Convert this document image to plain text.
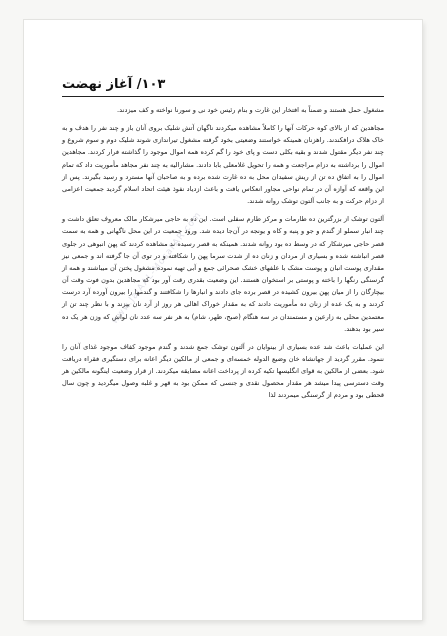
آغاز نهضت / ۱۰۳

مشغول حمل هستند و ضمناً به افتخار این غارت و بنام رئیس خود نی و سورنا نواخته و کف میزدند.

مجاهدین که از بالای کوه حرکات آنها را کاملاً مشاهده میکردند ناگهان آتش شلیک بروی آنان باز و چند نفر را هدف و به خاک هلاک درافکندند. راهزنان همینکه خواستند وضعیتی بخود گرفته مشغول تیراندازی شوند شلیک دوم و سوم شروع و چند نفر دیگر مقتول شدند و بقیه بکلی دست و پای خود را گم کرده همه اموال موجود را گذاشته فرار کردند. مجاهدین اموال را برداشته به دزام مراجعت و همه را تحویل غلامعلی بابا دادند. مشارالیه به چند نفر مجاهد مأموریت داد که تمام اموال را به اتفاق ده تن از ریش سفیدان محل به ده غارت شده برده و به صاحبان آنها مسترد و رسید بگیرند. پس از این واقعه که آوازه آن در تمام نواحی مجاور انعکاس یافت و باعث ازدیاد نفوذ هیئت اتحاد اسلام گردید جمعیت اعزامی از دزام حرکت و به جانب آلتون توشک روانه شدند.

آلتون توشک از بزرگترین ده طارمات و مرکز طارم سفلی است. این ده به حاجی میرشکار مالک معروف تعلق داشت و چند انبار سملو از گندم و جو و پنبه و کاه و یونجه در آن‌جا دیده شد. ورود جمعیت در این محل ناگهانی و همه به سمت قصر حاجی میرشکار که در وسط ده بود روانه شدند. همینکه به قصر رسیده ند مشاهده کردند که پهن انبوهی در جلوی قصر انباشته شده و بسیاری از مردان و زنان ده از شدت سرما پهن را شکافته و در توی آن جا گرفته اند و جمعی نیز مقداری پوست انبان و پوست مشک با علفهای خشک صحرائی جمع و آبی تهیه نموده مشغول پختن آن میباشند و همه از گرسنگی رنگها را باخته و پوستی بر استخوان هستند. این وضعیت بقدری رقت آور بود که مجاهدین بدون فوت وقت آن بیچارگان را از میان پهن بیرون کشیده در قصر برده جای دادند و انبارها را شکافتند و گندمها را بیرون آورده آرد درست کردند و به یک عده از زنان ده مأموریت دادند که به مقدار خوراک اهالی هر روز از آرد نان بپزند و با نظر چند تن از معتمدین محلی به زارعین و مستمندان در سه هنگام (صبح، ظهر، شام) به هر نفر سه عدد نان لواش که وزن هر یک ده سیر بود بدهند.

این عملیات باعث شد عده بسیاری از بینوایان در آلتون توشک جمع شدند و گندم موجود کفاف موجود غذای آنان را ننمود. مقرر گردید از جهانشاه خان وضیع الدوله خمسه‌ای و جمعی از مالکین دیگر اعانه برای دستگیری فقراء دریافت شود. بعضی از مالکین به قوای انگلیسها تکیه کرده از پرداخت اعانه مضایقه میکردند. از قرار وضعیت اینگونه مالکین هر وقت دسترسی پیدا میشد هر مقدار محصول نقدی و جنسی که ممکن بود به قهر و غلبه وصول میگردید و چون سال قحطی بود و مردم از گرسنگی میمردند لذا

www.JalAAL-MosaFAR.com
